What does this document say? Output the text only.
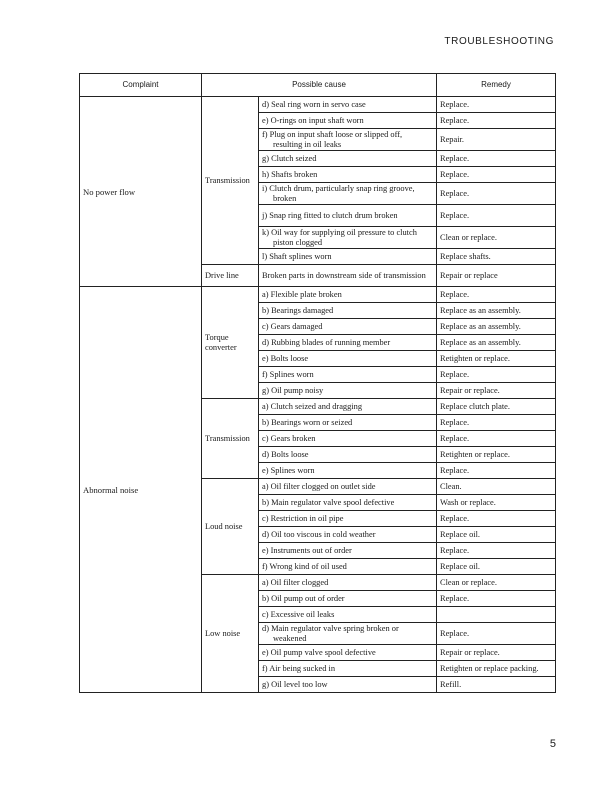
TROUBLESHOOTING
Complaint	Possible cause		Remedy
No power flow	Transmission	d) Seal ring worn in servo case	Replace.

		e) O-rings on input shaft worn	Replace.

		f) Plug on input shaft loose or slipped off, resulting in oil leaks	Repair.

		g) Clutch seized	Replace.

		h) Shafts broken	Replace.

		i) Clutch drum, particularly snap ring groove, broken	Replace.

		j) Snap ring fitted to clutch drum broken	Replace.

		k) Oil way for supplying oil pressure to clutch piston clogged	Clean or replace.

		l) Shaft splines worn	Replace shafts.
	Drive line	Broken parts in downstream side of transmission	Repair or replace
Abnormal noise	Torque converter	a) Flexible plate broken	Replace.

		b) Bearings damaged	Replace as an assembly.

		c) Gears damaged	Replace as an assembly.

		d) Rubbing blades of running member	Replace as an assembly.

		e) Bolts loose	Retighten or replace.

		f) Splines worn	Replace.

		g) Oil pump noisy	Repair or replace.
	Transmission	a) Clutch seized and dragging	Replace clutch plate.

		b) Bearings worn or seized	Replace.

		c) Gears broken	Replace.

		d) Bolts loose	Retighten or replace.

		e) Splines worn	Replace.
	Loud noise	a) Oil filter clogged on outlet side	Clean.

		b) Main regulator valve spool defective	Wash or replace.

		c) Restriction in oil pipe	Replace.

		d) Oil too viscous in cold weather	Replace oil.

		e) Instruments out of order	Replace.

		f) Wrong kind of oil used	Replace oil.
	Low noise	a) Oil filter clogged	Clean or replace.

		b) Oil pump out of order	Replace.

		c) Excessive oil leaks	

		d) Main regulator valve spring broken or weakened	Replace.

		e) Oil pump valve spool defective	Repair or replace.

		f) Air being sucked in	Retighten or replace packing.

		g) Oil level too low	Refill.
5
